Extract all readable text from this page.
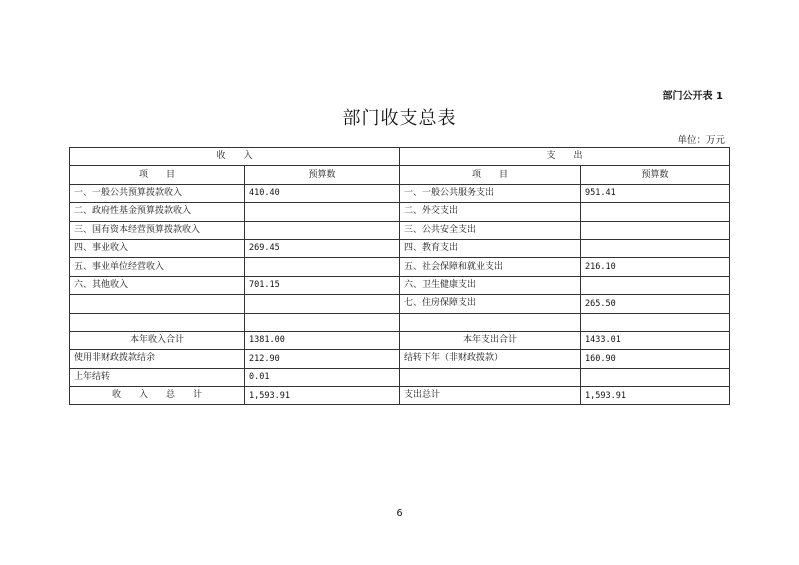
部门公开表 1
部门收支总表
单位：万元
收　　入		支　　出	
项　　目	预算数	项　　目	预算数
一、一般公共预算拨款收入	410.40	一、一般公共服务支出	951.41
二、政府性基金预算拨款收入		二、外交支出	
三、国有资本经营预算拨款收入		三、公共安全支出	
四、事业收入	269.45	四、教育支出	
五、事业单位经营收入		五、社会保障和就业支出	216.10
六、其他收入	701.15	六、卫生健康支出	
		七、住房保障支出	265.50

本年收入合计	1381.00	本年支出合计	1433.01
使用非财政拨款结余	212.90	结转下年（非财政拨款）	160.90
上年结转	0.01		
收　　入　　总　　计	1,593.91	支出总计	1,593.91
6
